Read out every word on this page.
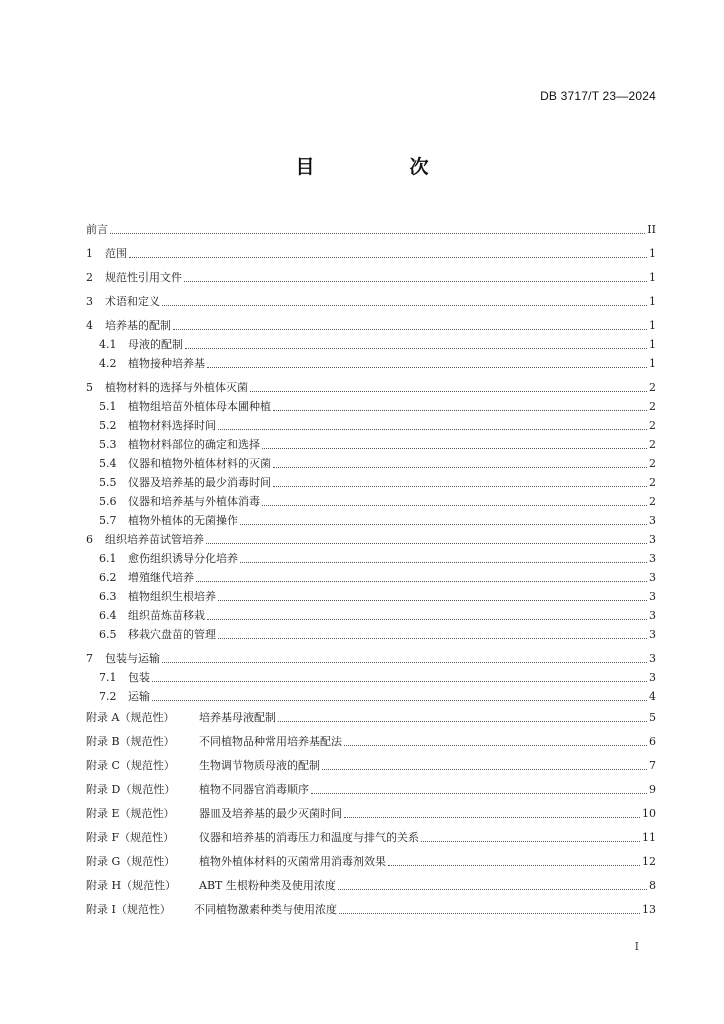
DB 3717/T 23—2024
目　次
前言	II
1	范围	1
2	规范性引用文件	1
3	术语和定义	1
4	培养基的配制	1
4.1	母液的配制	1
4.2	植物接种培养基	1
5	植物材料的选择与外植体灭菌	2
5.1	植物组培苗外植体母本圃种植	2
5.2	植物材料选择时间	2
5.3	植物材料部位的确定和选择	2
5.4	仪器和植物外植体材料的灭菌	2
5.5	仪器及培养基的最少消毒时间	2
5.6	仪器和培养基与外植体消毒	2
5.7	植物外植体的无菌操作	3
6	组织培养苗试管培养	3
6.1	愈伤组织诱导分化培养	3
6.2	增殖继代培养	3
6.3	植物组织生根培养	3
6.4	组织苗炼苗移栽	3
6.5	移栽穴盘苗的管理	3
7	包装与运输	3
7.1	包装	3
7.2	运输	4
附录 A（规范性）	培养基母液配制	5
附录 B（规范性）	不同植物品种常用培养基配法	6
附录 C（规范性）	生物调节物质母液的配制	7
附录 D（规范性）	植物不同器官消毒顺序	9
附录 E（规范性）	器皿及培养基的最少灭菌时间	10
附录 F（规范性）	仪器和培养基的消毒压力和温度与排气的关系	11
附录 G（规范性）	植物外植体材料的灭菌常用消毒剂效果	12
附录 H（规范性）	ABT 生根粉种类及使用浓度	8
附录 I（规范性）	不同植物激素种类与使用浓度	13
I
